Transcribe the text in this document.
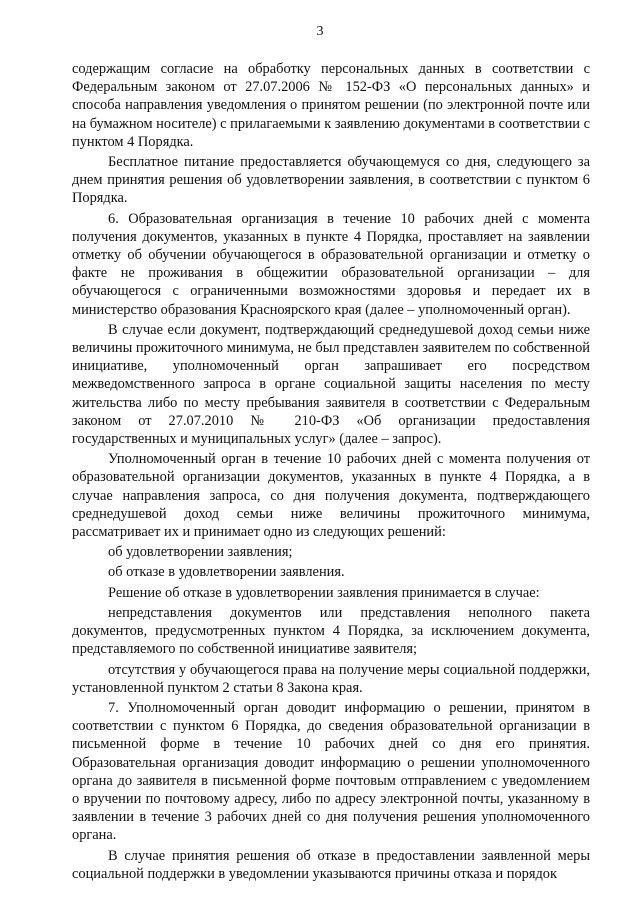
3

содержащим согласие на обработку персональных данных в соответствии с Федеральным законом от 27.07.2006 № 152-ФЗ «О персональных данных» и способа направления уведомления о принятом решении (по электронной почте или на бумажном носителе) с прилагаемыми к заявлению документами в соответствии с пунктом 4 Порядка.

Бесплатное питание предоставляется обучающемуся со дня, следующего за днем принятия решения об удовлетворении заявления, в соответствии с пунктом 6 Порядка.

6. Образовательная организация в течение 10 рабочих дней с момента получения документов, указанных в пункте 4 Порядка, проставляет на заявлении отметку об обучении обучающегося в образовательной организации и отметку о факте не проживания в общежитии образовательной организации – для обучающегося с ограниченными возможностями здоровья и передает их в министерство образования Красноярского края (далее – уполномоченный орган).

В случае если документ, подтверждающий среднедушевой доход семьи ниже величины прожиточного минимума, не был представлен заявителем по собственной инициативе, уполномоченный орган запрашивает его посредством межведомственного запроса в органе социальной защиты населения по месту жительства либо по месту пребывания заявителя в соответствии с Федеральным законом от 27.07.2010 № 210-ФЗ «Об организации предоставления государственных и муниципальных услуг» (далее – запрос).

Уполномоченный орган в течение 10 рабочих дней с момента получения от образовательной организации документов, указанных в пункте 4 Порядка, а в случае направления запроса, со дня получения документа, подтверждающего среднедушевой доход семьи ниже величины прожиточного минимума, рассматривает их и принимает одно из следующих решений:

об удовлетворении заявления;

об отказе в удовлетворении заявления.

Решение об отказе в удовлетворении заявления принимается в случае:

непредставления документов или представления неполного пакета документов, предусмотренных пунктом 4 Порядка, за исключением документа, представляемого по собственной инициативе заявителя;

отсутствия у обучающегося права на получение меры социальной поддержки, установленной пунктом 2 статьи 8 Закона края.

7. Уполномоченный орган доводит информацию о решении, принятом в соответствии с пунктом 6 Порядка, до сведения образовательной организации в письменной форме в течение 10 рабочих дней со дня его принятия. Образовательная организация доводит информацию о решении уполномоченного органа до заявителя в письменной форме почтовым отправлением с уведомлением о вручении по почтовому адресу, либо по адресу электронной почты, указанному в заявлении в течение 3 рабочих дней со дня получения решения уполномоченного органа.

В случае принятия решения об отказе в предоставлении заявленной меры социальной поддержки в уведомлении указываются причины отказа и порядок
